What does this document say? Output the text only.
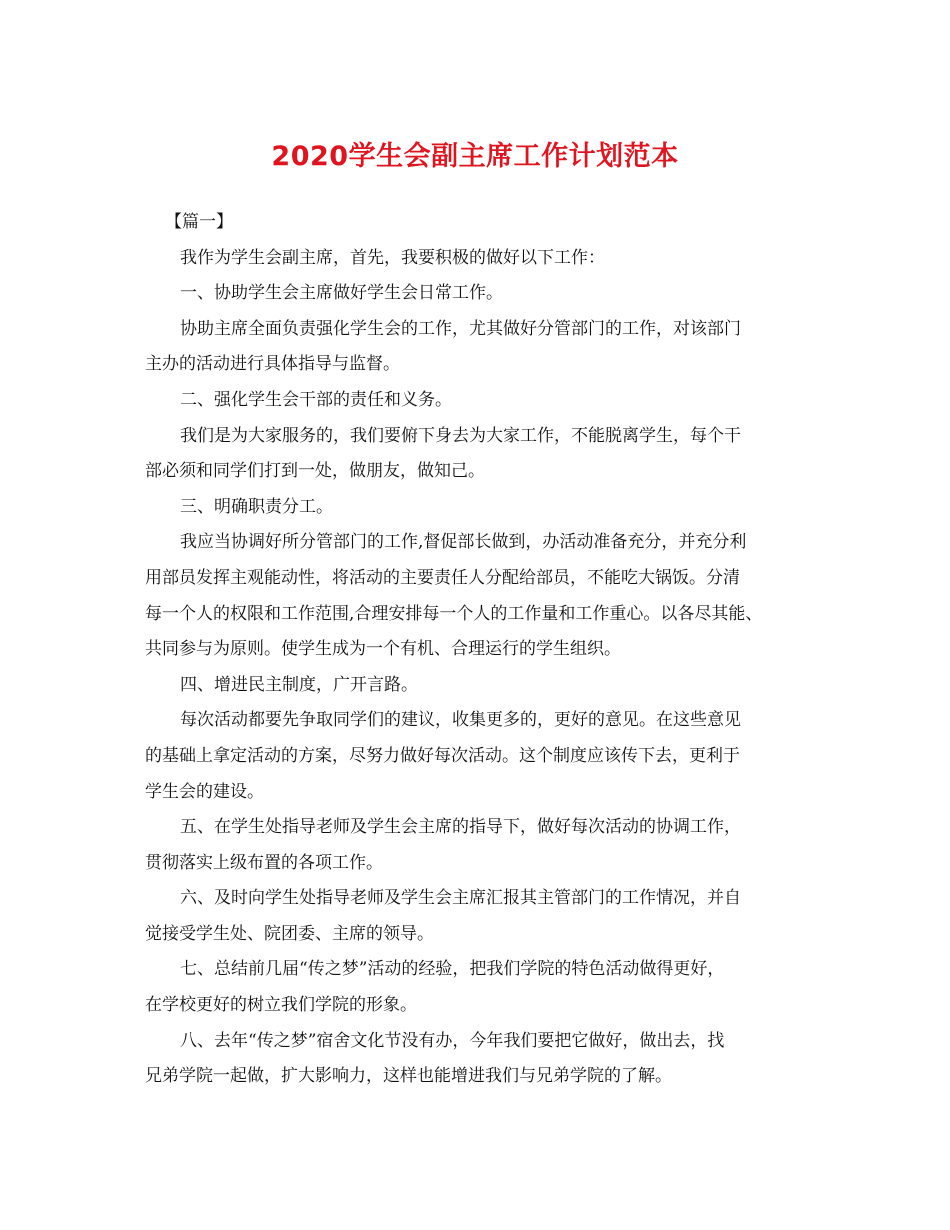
2020学生会副主席工作计划范本
【篇一】
我作为学生会副主席，首先，我要积极的做好以下工作：
一、协助学生会主席做好学生会日常工作。
协助主席全面负责强化学生会的工作，尤其做好分管部门的工作，对该部门
主办的活动进行具体指导与监督。
二、强化学生会干部的责任和义务。
我们是为大家服务的，我们要俯下身去为大家工作，不能脱离学生，每个干
部必须和同学们打到一处，做朋友，做知己。
三、明确职责分工。
我应当协调好所分管部门的工作,督促部长做到，办活动准备充分，并充分利
用部员发挥主观能动性，将活动的主要责任人分配给部员，不能吃大锅饭。分清
每一个人的权限和工作范围,合理安排每一个人的工作量和工作重心。以各尽其能、
共同参与为原则。使学生成为一个有机、合理运行的学生组织。
四、增进民主制度，广开言路。
每次活动都要先争取同学们的建议，收集更多的，更好的意见。在这些意见
的基础上拿定活动的方案，尽努力做好每次活动。这个制度应该传下去，更利于
学生会的建设。
五、在学生处指导老师及学生会主席的指导下，做好每次活动的协调工作，
贯彻落实上级布置的各项工作。
六、及时向学生处指导老师及学生会主席汇报其主管部门的工作情况，并自
觉接受学生处、院团委、主席的领导。
七、总结前几届“传之梦”活动的经验，把我们学院的特色活动做得更好，
在学校更好的树立我们学院的形象。
八、去年“传之梦”宿舍文化节没有办，今年我们要把它做好，做出去，找
兄弟学院一起做，扩大影响力，这样也能增进我们与兄弟学院的了解。
